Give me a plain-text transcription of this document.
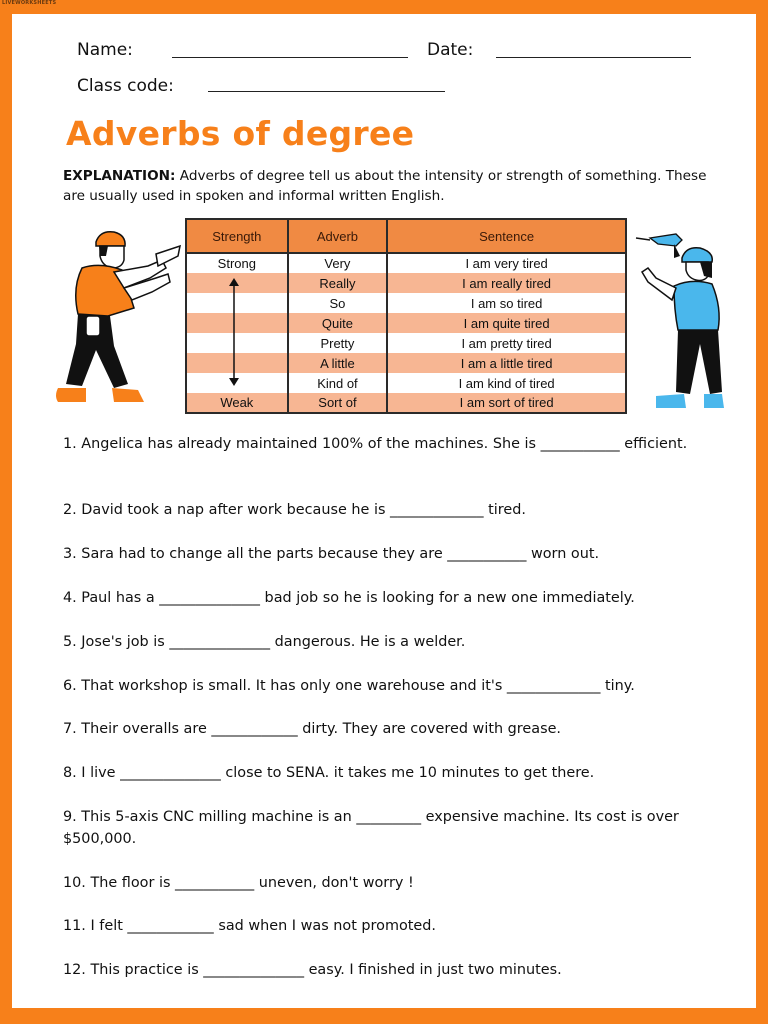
LIVEWORKSHEETS
Name:	Date:
Class code:
Adverbs of degree
EXPLANATION: Adverbs of degree tell us about the intensity or strength of something. These are usually used in spoken and informal written English.
Strength	Adverb	Sentence
Strong	Very	I am very tired
	Really	I am really tired
	So	I am so tired
	Quite	I am quite tired
	Pretty	I am pretty tired
	A little	I am a little tired
	Kind of	I am kind of tired
Weak	Sort of	I am sort of tired
1. Angelica has already maintained 100% of the machines. She is ___________ efficient.
2. David took a nap after work because he is _____________ tired.
3. Sara had to change all the parts because they are ___________ worn out.
4. Paul has a ______________ bad job so he is looking for a new one immediately.
5. Jose's job is ______________ dangerous. He is a welder.
6. That workshop is small. It has only one warehouse and it's _____________ tiny.
7. Their overalls are ____________ dirty. They are covered with grease.
8. I live ______________ close to SENA. it takes me 10 minutes to get there.
9. This 5-axis CNC milling machine is an _________ expensive machine. Its cost is over $500,000.
10. The floor is ___________ uneven, don't worry !
11. I felt ____________ sad when I was not promoted.
12. This practice is ______________ easy. I finished in just two minutes.
